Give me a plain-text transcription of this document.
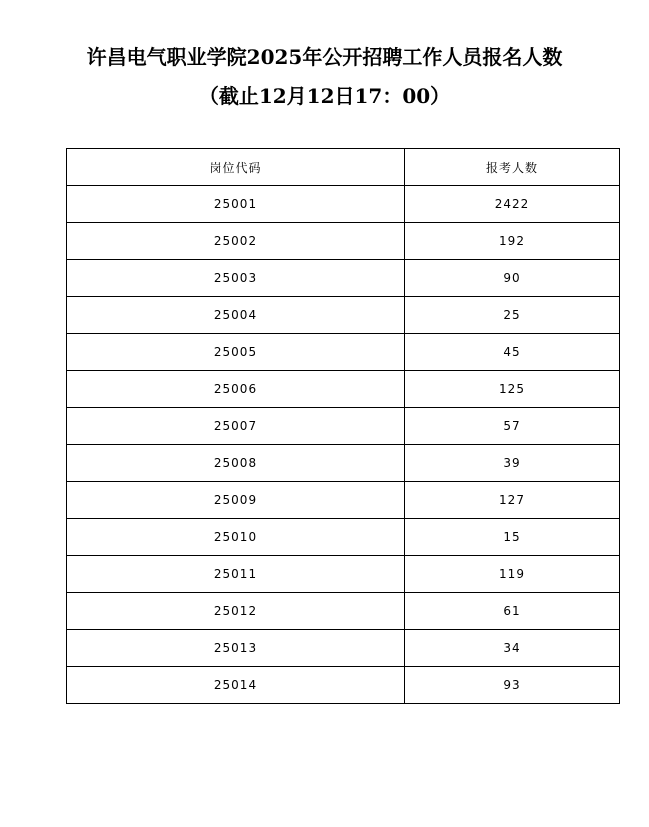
许昌电气职业学院2025年公开招聘工作人员报名人数
（截止12月12日17：00）
岗位代码	报考人数
25001	2422
25002	192
25003	90
25004	25
25005	45
25006	125
25007	57
25008	39
25009	127
25010	15
25011	119
25012	61
25013	34
25014	93
